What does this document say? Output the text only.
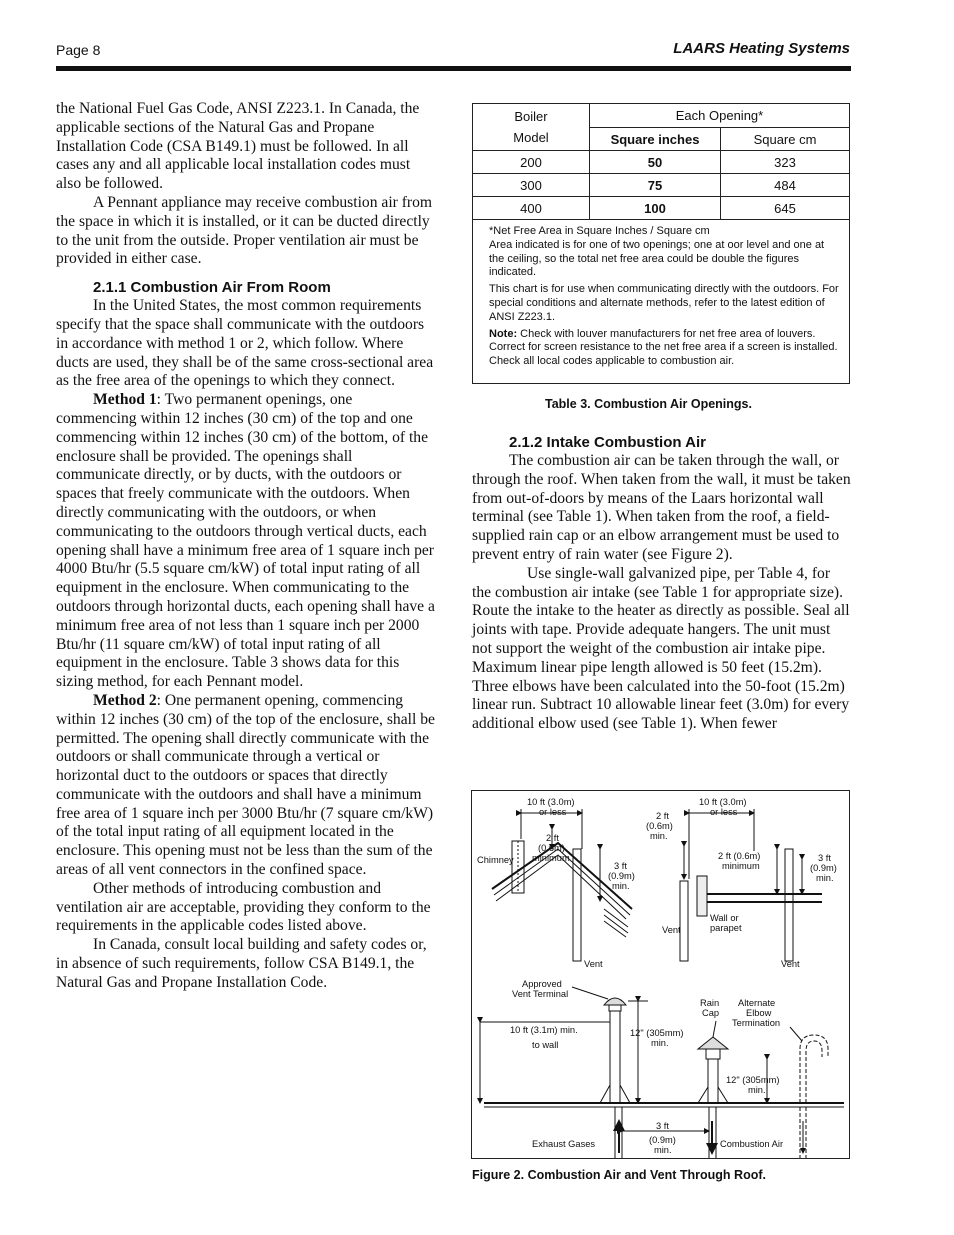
Page 8	LAARS Heating Systems

the National Fuel Gas Code, ANSI Z223.1. In Canada, the applicable sections of the Natural Gas and Propane Installation Code (CSA B149.1) must be followed. In all cases any and all applicable local installation codes must also be followed.

A Pennant appliance may receive combustion air from the space in which it is installed, or it can be ducted directly to the unit from the outside. Proper ventilation air must be provided in either case.

2.1.1 Combustion Air From Room

In the United States, the most common requirements specify that the space shall communicate with the outdoors in accordance with method 1 or 2, which follow. Where ducts are used, they shall be of the same cross-sectional area as the free area of the openings to which they connect.

Method 1: Two permanent openings, one commencing within 12 inches (30 cm) of the top and one commencing within 12 inches (30 cm) of the bottom, of the enclosure shall be provided. The openings shall communicate directly, or by ducts, with the outdoors or spaces that freely communicate with the outdoors. When directly communicating with the outdoors, or when communicating to the outdoors through vertical ducts, each opening shall have a minimum free area of 1 square inch per 4000 Btu/hr (5.5 square cm/kW) of total input rating of all equipment in the enclosure. When communicating to the outdoors through horizontal ducts, each opening shall have a minimum free area of not less than 1 square inch per 2000 Btu/hr (11 square cm/kW) of total input rating of all equipment in the enclosure. Table 3 shows data for this sizing method, for each Pennant model.

Method 2: One permanent opening, commencing within 12 inches (30 cm) of the top of the enclosure, shall be permitted. The opening shall directly communicate with the outdoors or shall communicate through a vertical or horizontal duct to the outdoors or spaces that directly communicate with the outdoors and shall have a minimum free area of 1 square inch per 3000 Btu/hr (7 square cm/kW) of the total input rating of all equipment located in the enclosure. This opening must not be less than the sum of the areas of all vent connectors in the confined space.

Other methods of introducing combustion and ventilation air are acceptable, providing they conform to the requirements in the applicable codes listed above.

In Canada, consult local building and safety codes or, in absence of such requirements, follow CSA B149.1, the Natural Gas and Propane Installation Code.

Boiler
Model	Each Opening*	
	Square inches	Square cm
200	50	323
300	75	484
400	100	645
*Net Free Area in Square Inches / Square cm
Area indicated is for one of two openings; one at oor level and one at the ceiling, so the total net free area could be double the figures indicated.
This chart is for use when communicating directly with the outdoors. For special conditions and alternate methods, refer to the latest edition of ANSI Z223.1.
Note: Check with louver manufacturers for net free area of louvers. Correct for screen resistance to the net free area if a screen is installed. Check all local codes applicable to combustion air.
Table 3. Combustion Air Openings.
2.1.2 Intake Combustion Air

The combustion air can be taken through the wall, or through the roof. When taken from the wall, it must be taken from out-of-doors by means of the Laars horizontal wall terminal (see Table 1). When taken from the roof, a field-supplied rain cap or an elbow arrangement must be used to prevent entry of rain water (see Figure 2).

Use single-wall galvanized pipe, per Table 4, for the combustion air intake (see Table 1 for appropriate size). Route the intake to the heater as directly as possible. Seal all joints with tape. Provide adequate hangers. The unit must not support the weight of the combustion air intake pipe. Maximum linear pipe length allowed is 50 feet (15.2m). Three elbows have been calculated into the 50-foot (15.2m) linear run. Subtract 10 allowable linear feet (3.0m) for every additional elbow used (see Table 1). When fewer

10 ft (3.0m)
or less
2 ft
(0.6m)
minimum
Chimney
3 ft
(0.9m)
min.
Vent
2 ft
(0.6m)
min.
10 ft (3.0m)
or less
2 ft (0.6m)
minimum
3 ft
(0.9m)
min.
Vent
Wall or
parapet
Vent
Approved
Vent Terminal
10 ft (3.1m) min.
to wall
12" (305mm)
min.
Rain
Cap
Alternate
Elbow
Termination
12" (305mm)
min.
Exhaust Gases
3 ft
(0.9m)
min.
Combustion Air
Figure 2. Combustion Air and Vent Through Roof.
